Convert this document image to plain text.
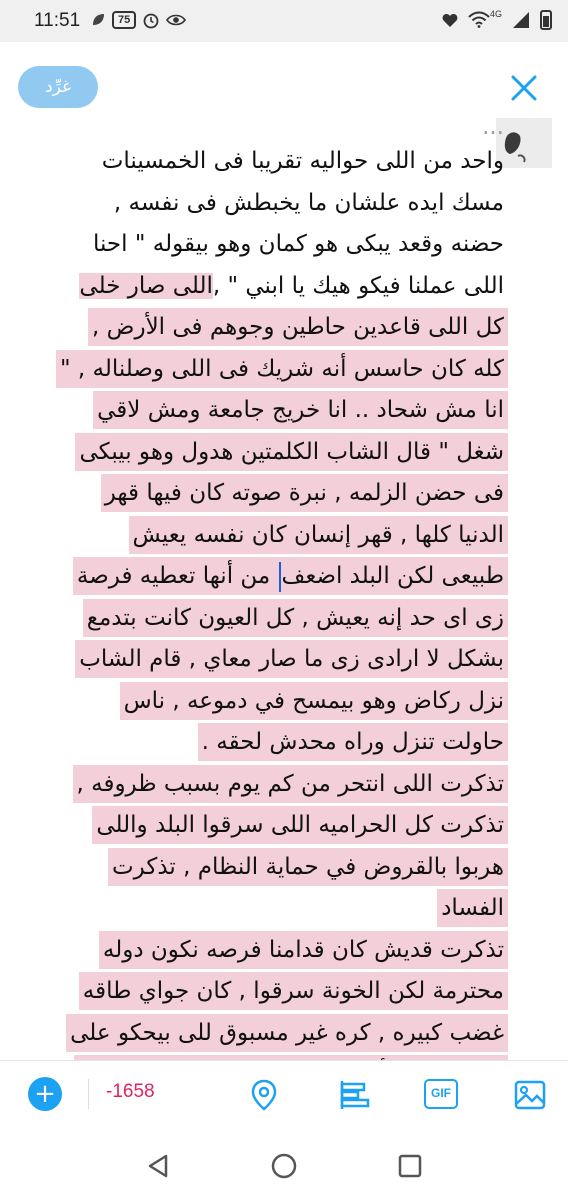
11:51	75	4G
غرِّد
...
واحد من اللى حواليه تقريبا فى الخمسينات
مسك ايده علشان ما يخبطش فى نفسه ,
حضنه وقعد يبكى هو كمان وهو بيقوله " احنا
اللى عملنا فيكو هيك يا ابني " ,اللى صار خلى
كل اللى قاعدين حاطين وجوهم فى الأرض ,
كله كان حاسس أنه شريك فى اللى وصلناله , "
انا مش شحاد .. انا خريج جامعة ومش لاقي
شغل " قال الشاب الكلمتين هدول وهو بيبكى
فى حضن الزلمه , نبرة صوته كان فيها قهر
الدنيا كلها , قهر إنسان كان نفسه يعيش
طبيعى لكن البلد اضعف من أنها تعطيه فرصة
زى اى حد إنه يعيش , كل العيون كانت بتدمع
بشكل لا ارادى زى ما صار معاي , قام الشاب
نزل ركاض وهو بيمسح في دموعه , ناس
حاولت تنزل وراه محدش لحقه .
تذكرت اللى انتحر من كم يوم بسبب ظروفه ,
تذكرت كل الحراميه اللى سرقوا البلد واللى
هربوا بالقروض في حماية النظام , تذكرت
الفساد
تذكرت قديش كان قدامنا فرصه نكون دوله
محترمة لكن الخونة سرقوا , كان جواي طاقه
غضب كبيره , كره غير مسبوق للى بيحكو على
+	-1658	GIF
